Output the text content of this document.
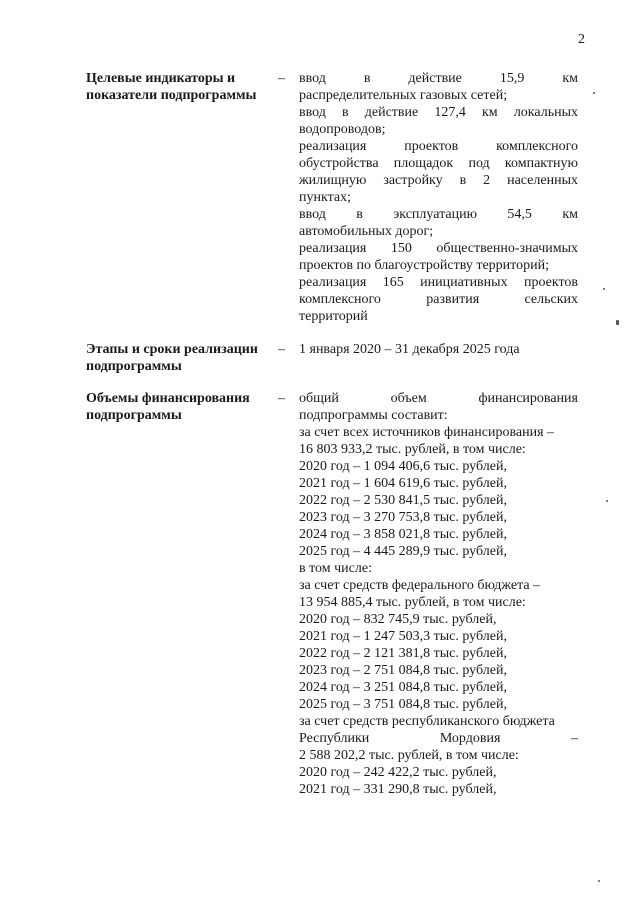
2
Целевые индикаторы и
показатели подпрограммы
– ввод в действие 15,9 км
распределительных газовых сетей;
ввод в действие 127,4 км локальных
водопроводов;
реализация проектов комплексного
обустройства площадок под компактную
жилищную застройку в 2 населенных
пунктах;
ввод в эксплуатацию 54,5 км
автомобильных дорог;
реализация 150 общественно-значимых
проектов по благоустройству территорий;
реализация 165 инициативных проектов
комплексного развития сельских
территорий
Этапы и сроки реализации
подпрограммы
– 1 января 2020 – 31 декабря 2025 года
Объемы финансирования
подпрограммы
– общий объем финансирования
подпрограммы составит:
за счет всех источников финансирования –
16 803 933,2 тыс. рублей, в том числе:
2020 год – 1 094 406,6 тыс. рублей,
2021 год – 1 604 619,6 тыс. рублей,
2022 год – 2 530 841,5 тыс. рублей,
2023 год – 3 270 753,8 тыс. рублей,
2024 год – 3 858 021,8 тыс. рублей,
2025 год – 4 445 289,9 тыс. рублей,
в том числе:
за счет средств федерального бюджета –
13 954 885,4 тыс. рублей, в том числе:
2020 год – 832 745,9 тыс. рублей,
2021 год – 1 247 503,3 тыс. рублей,
2022 год – 2 121 381,8 тыс. рублей,
2023 год – 2 751 084,8 тыс. рублей,
2024 год – 3 251 084,8 тыс. рублей,
2025 год – 3 751 084,8 тыс. рублей,
за счет средств республиканского бюджета
Республики Мордовия –
2 588 202,2 тыс. рублей, в том числе:
2020 год – 242 422,2 тыс. рублей,
2021 год – 331 290,8 тыс. рублей,
